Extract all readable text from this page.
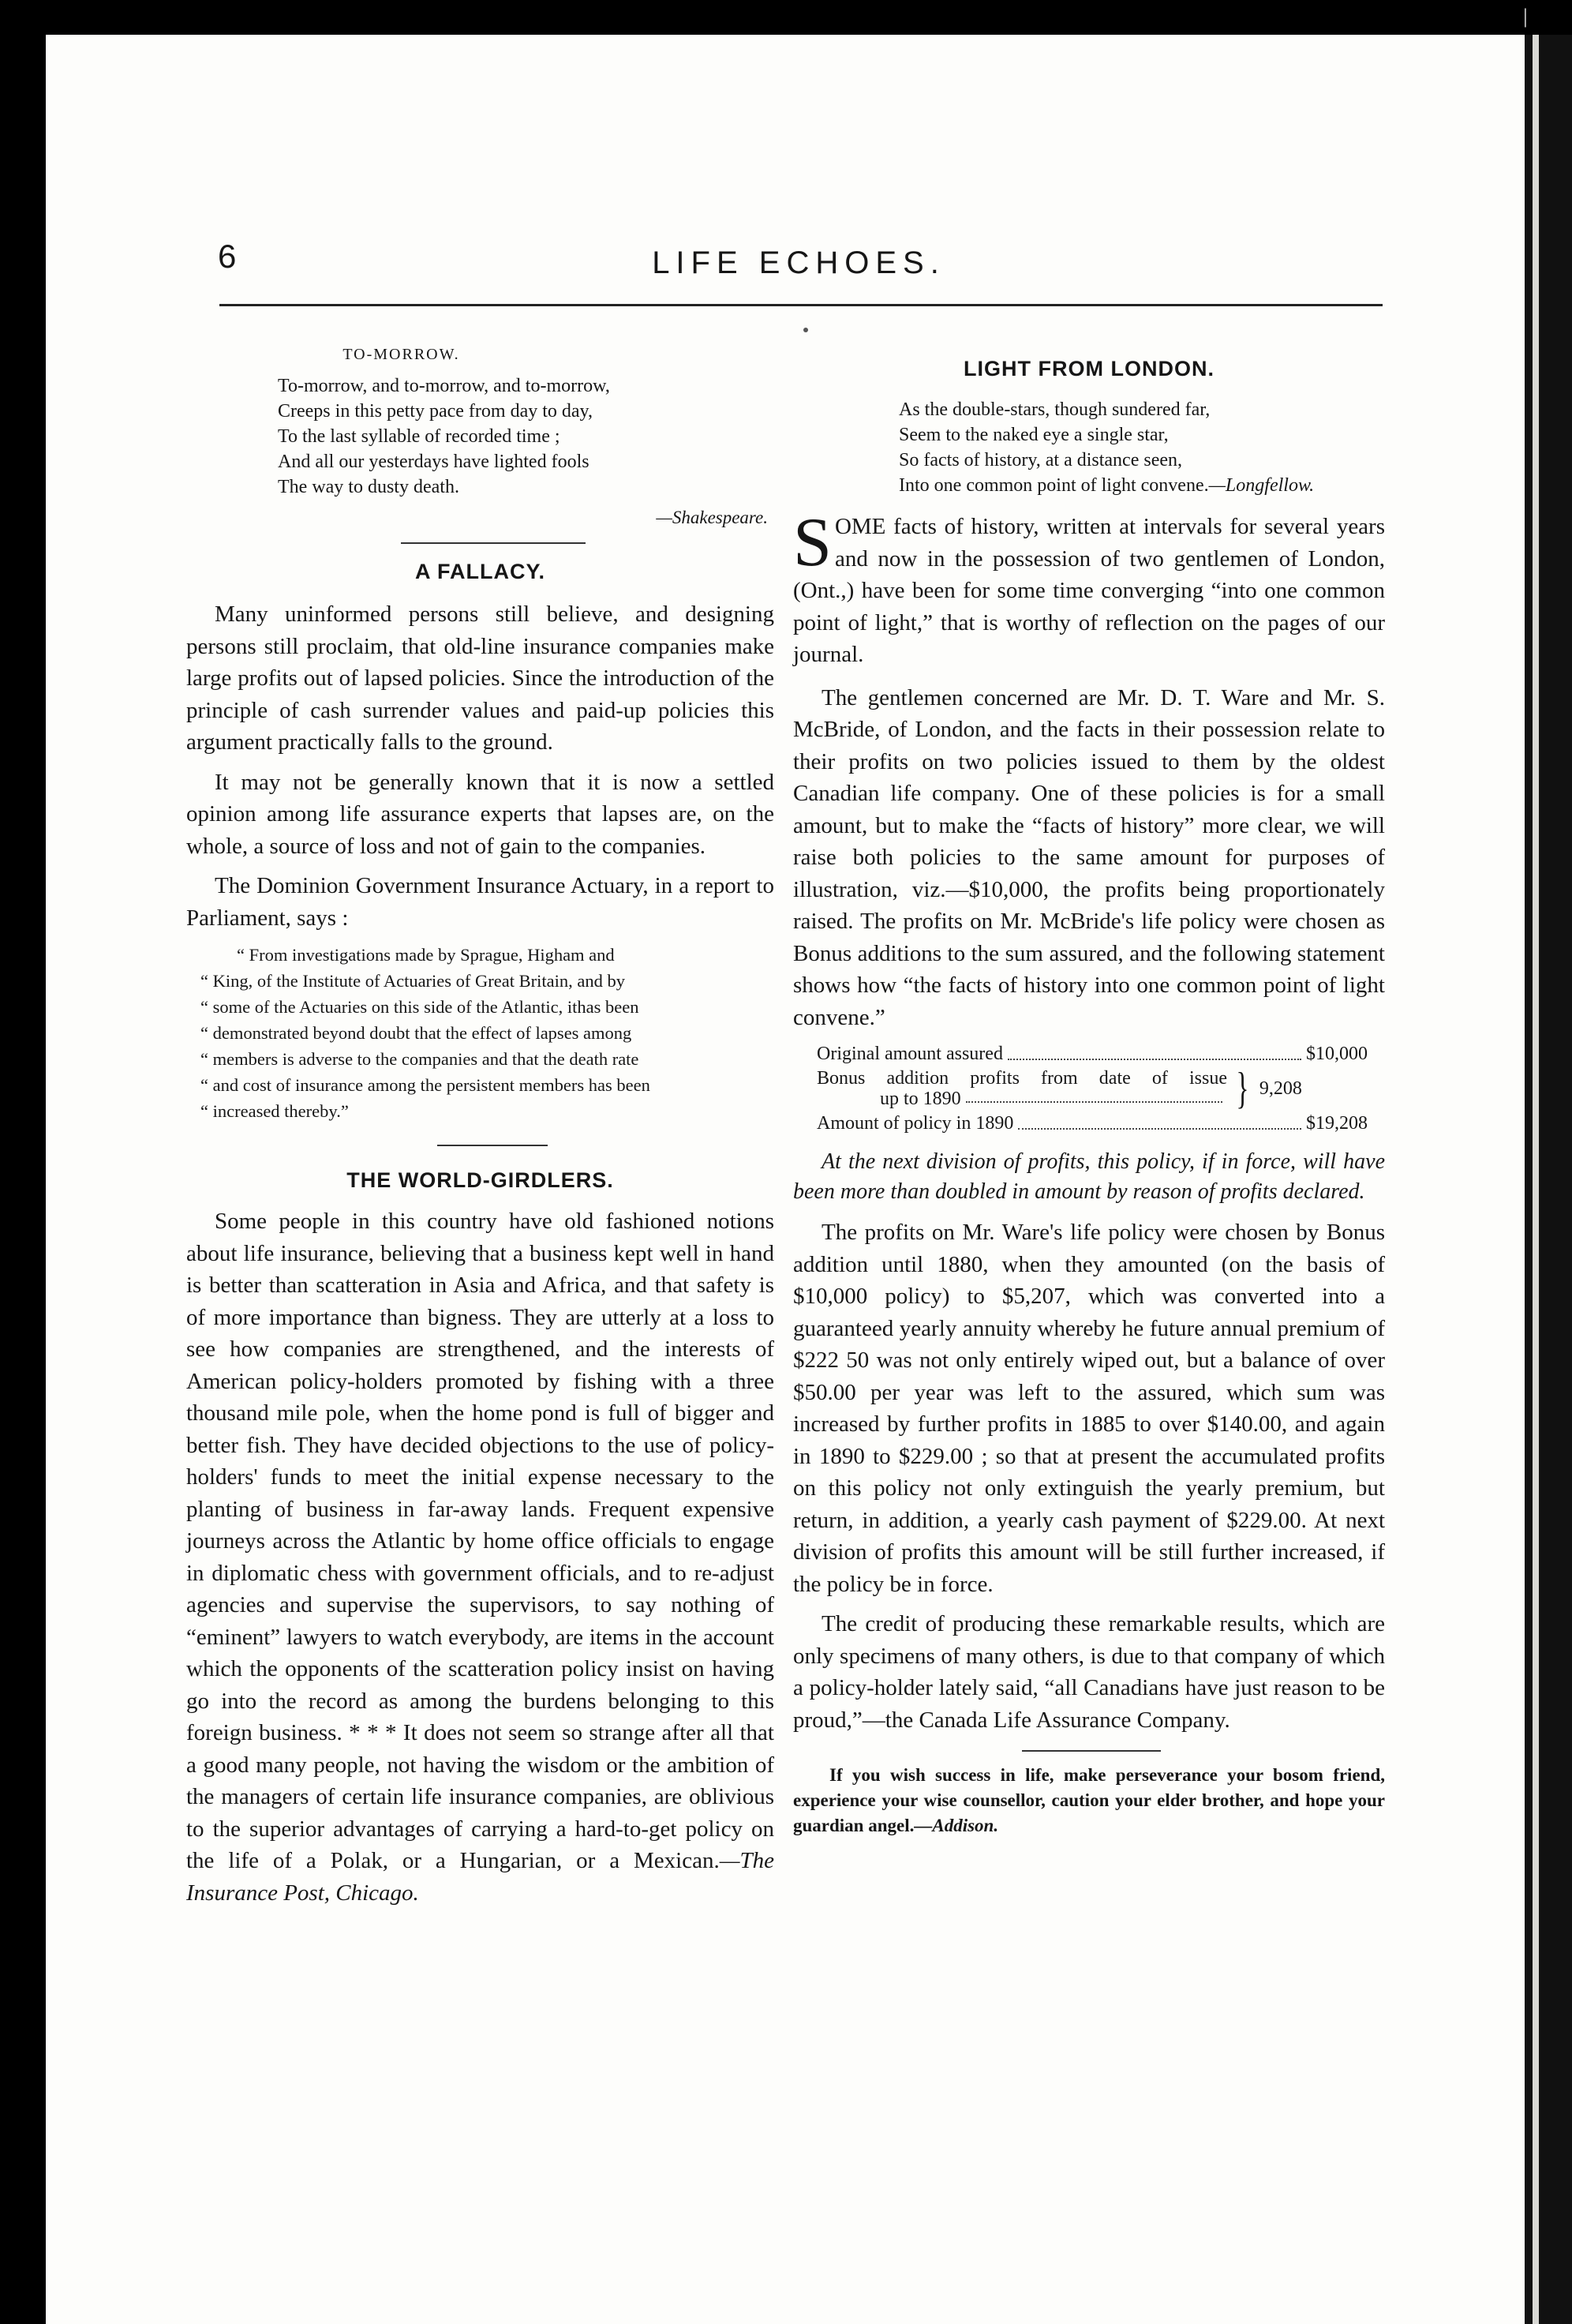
6	LIFE ECHOES.
TO-MORROW.
To-morrow, and to-morrow, and to-morrow,
Creeps in this petty pace from day to day,
To the last syllable of recorded time ;
And all our yesterdays have lighted fools
The way to dusty death.
—Shakespeare.
A FALLACY.

Many uninformed persons still believe, and designing persons still proclaim, that old-line insurance companies make large profits out of lapsed policies. Since the introduction of the principle of cash surrender values and paid-up policies this argument practically falls to the ground.

It may not be generally known that it is now a settled opinion among life assurance experts that lapses are, on the whole, a source of loss and not of gain to the companies.

The Dominion Government Insurance Actuary, in a report to Parliament, says :

“ From investigations made by Sprague, Higham and
“ King, of the Institute of Actuaries of Great Britain, and by
“ some of the Actuaries on this side of the Atlantic, ithas been
“ demonstrated beyond doubt that the effect of lapses among
“ members is adverse to the companies and that the death rate
“ and cost of insurance among the persistent members has been
“ increased thereby.”
THE WORLD-GIRDLERS.

Some people in this country have old fashioned notions about life insurance, believing that a business kept well in hand is better than scatteration in Asia and Africa, and that safety is of more importance than bigness. They are utterly at a loss to see how companies are strengthened, and the interests of American policy-holders promoted by fishing with a three thousand mile pole, when the home pond is full of bigger and better fish. They have decided objections to the use of policy-holders' funds to meet the initial expense necessary to the planting of business in far-away lands. Frequent expensive journeys across the Atlantic by home office officials to engage in diplomatic chess with government officials, and to re-adjust agencies and supervise the supervisors, to say nothing of “eminent” lawyers to watch everybody, are items in the account which the opponents of the scatteration policy insist on having go into the record as among the burdens belonging to this foreign business. * * * It does not seem so strange after all that a good many people, not having the wisdom or the ambition of the managers of certain life insurance companies, are oblivious to the superior advantages of carrying a hard-to-get policy on the life of a Polak, or a Hungarian, or a Mexican.—The Insurance Post, Chicago.

LIGHT FROM LONDON.
As the double-stars, though sundered far,
Seem to the naked eye a single star,
So facts of history, at a distance seen,
Into one common point of light convene.—Longfellow.
S OME facts of history, written at intervals for several years and now in the possession of two gentlemen of London, (Ont.,) have been for some time converging “into one common point of light,” that is worthy of reflection on the pages of our journal.

The gentlemen concerned are Mr. D. T. Ware and Mr. S. McBride, of London, and the facts in their possession relate to their profits on two policies issued to them by the oldest Canadian life company. One of these policies is for a small amount, but to make the “facts of history” more clear, we will raise both policies to the same amount for purposes of illustration, viz.—$10,000, the profits being proportionately raised. The profits on Mr. McBride's life policy were chosen as Bonus additions to the sum assured, and the following statement shows how “the facts of history into one common point of light convene.”

Original amount assured	$10,000
Bonus addition profits from date of issue
up to 1890	} 9,208
Amount of policy in 1890	$19,208

At the next division of profits, this policy, if in force, will have been more than doubled in amount by reason of profits declared.

The profits on Mr. Ware's life policy were chosen by Bonus addition until 1880, when they amounted (on the basis of $10,000 policy) to $5,207, which was converted into a guaranteed yearly annuity whereby he future annual premium of $222 50 was not only entirely wiped out, but a balance of over $50.00 per year was left to the assured, which sum was increased by further profits in 1885 to over $140.00, and again in 1890 to $229.00 ; so that at present the accumulated profits on this policy not only extinguish the yearly premium, but return, in addition, a yearly cash payment of $229.00. At next division of profits this amount will be still further increased, if the policy be in force.

The credit of producing these remarkable results, which are only specimens of many others, is due to that company of which a policy-holder lately said, “all Canadians have just reason to be proud,”—the Canada Life Assurance Company.

If you wish success in life, make perseverance your bosom friend, experience your wise counsellor, caution your elder brother, and hope your guardian angel.—Addison.

|
